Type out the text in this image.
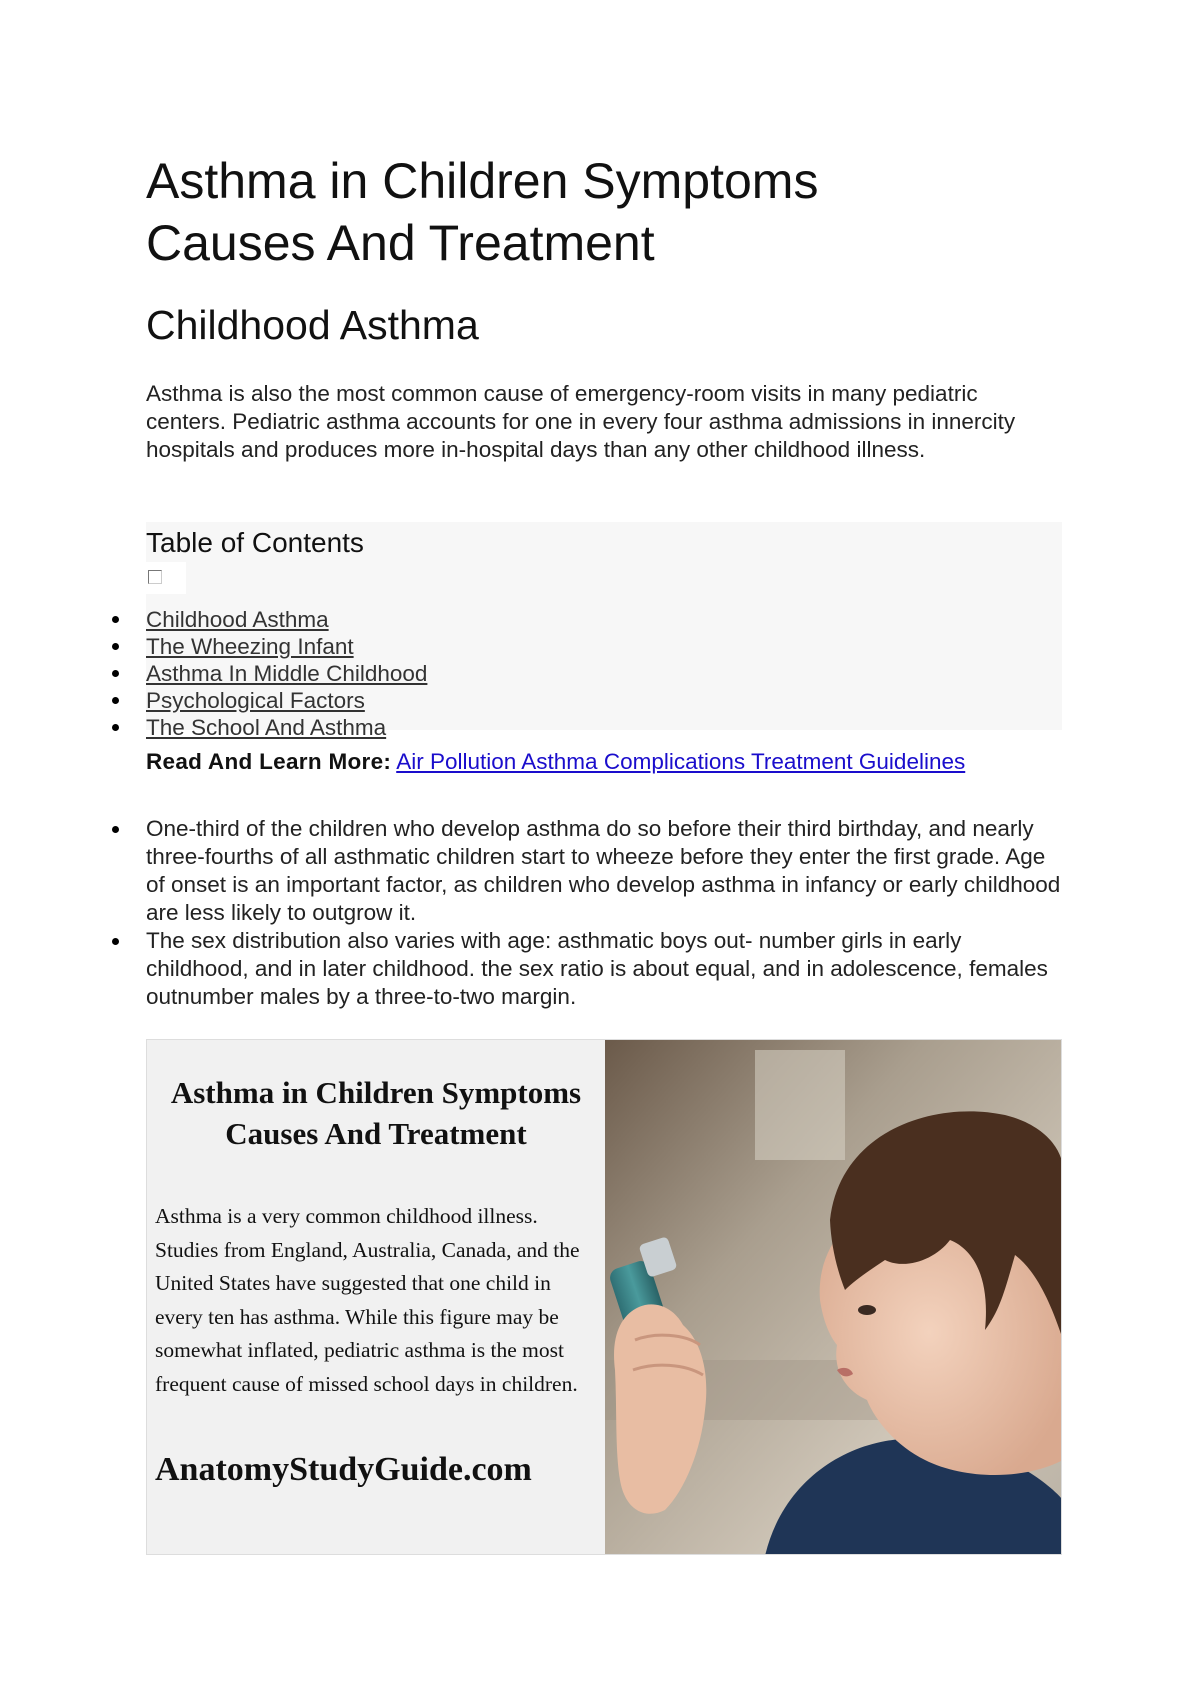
Asthma in Children Symptoms
Causes And Treatment
Childhood Asthma

Asthma is also the most common cause of emergency-room visits in many pediatric centers. Pediatric asthma accounts for one in every four asthma admissions in innercity hospitals and produces more in-hospital days than any other childhood illness.

Table of Contents
Childhood Asthma
The Wheezing Infant
Asthma In Middle Childhood
Psychological Factors
The School And Asthma
Read And Learn More: Air Pollution Asthma Complications Treatment Guidelines
One-third of the children who develop asthma do so before their third birthday, and nearly three-fourths of all asthmatic children start to wheeze before they enter the first grade. Age of onset is an important factor, as children who develop asthma in infancy or early childhood are less likely to outgrow it.
The sex distribution also varies with age: asthmatic boys out- number girls in early childhood, and in later childhood. the sex ratio is about equal, and in adolescence, females outnumber males by a three-to-two margin.
Asthma in Children Symptoms
Causes And Treatment
Asthma is a very common childhood illness. Studies from England, Australia, Canada, and the United States have suggested that one child in every ten has asthma. While this figure may be somewhat inflated, pediatric asthma is the most frequent cause of missed school days in children.
AnatomyStudyGuide.com
